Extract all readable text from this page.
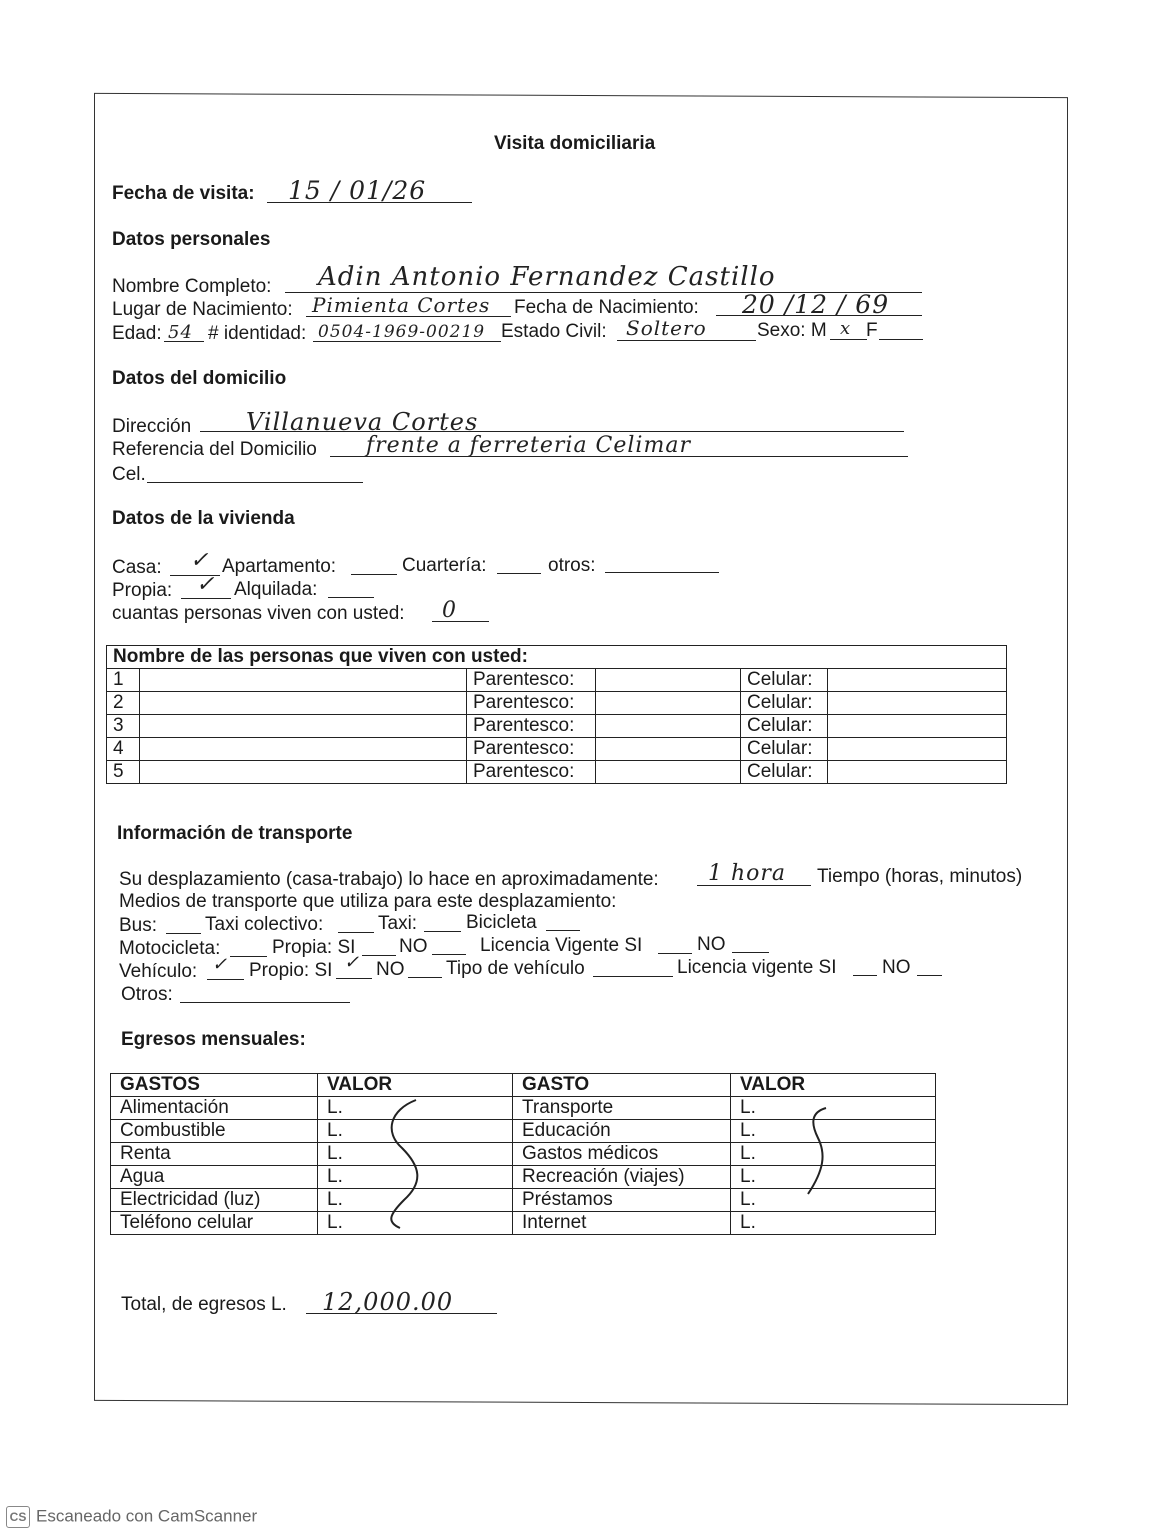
Visita domiciliaria
Fecha de visita: 15 / 01/26
Datos personales
Nombre Completo: Adin Antonio Fernandez Castillo
Lugar de Nacimiento: Pimienta Cortes Fecha de Nacimiento: 20 /12 / 69
Edad: 54 # identidad: 0504-1969-00219 Estado Civil: Soltero	Sexo: M x F
Datos del domicilio
Dirección Villanueva Cortes
Referencia del Domicilio frente a ferreteria Celimar
Cel.
Datos de la vivienda
Casa: ✓ Apartamento:	Cuartería:	otros:
Propia: ✓ Alquilada:
cuantas personas viven con usted: 0
Nombre de las personas que viven con usted:				
1		Parentesco:		Celular:
2		Parentesco:		Celular:
3		Parentesco:		Celular:
4		Parentesco:		Celular:
5		Parentesco:		Celular:
Información de transporte
Su desplazamiento (casa-trabajo) lo hace en aproximadamente: 1 hora Tiempo (horas, minutos)
Medios de transporte que utiliza para este desplazamiento:
Bus:	Taxi colectivo:	Taxi:	Bicicleta
Motocicleta:	Propia: SI NO	Licencia Vigente SI	NO
Vehículo: ✓ Propio: SI ✓ NO Tipo de vehículo	Licencia vigente SI NO
Otros:
Egresos mensuales:
GASTOS	VALOR	GASTO	VALOR
Alimentación	L.	Transporte	L.
Combustible	L.	Educación	L.
Renta	L.	Gastos médicos	L.
Agua	L.	Recreación (viajes)	L.
Electricidad (luz)	L.	Préstamos	L.
Teléfono celular	L.	Internet	L.
Total, de egresos L. 12,000.00
CS Escaneado con CamScanner
